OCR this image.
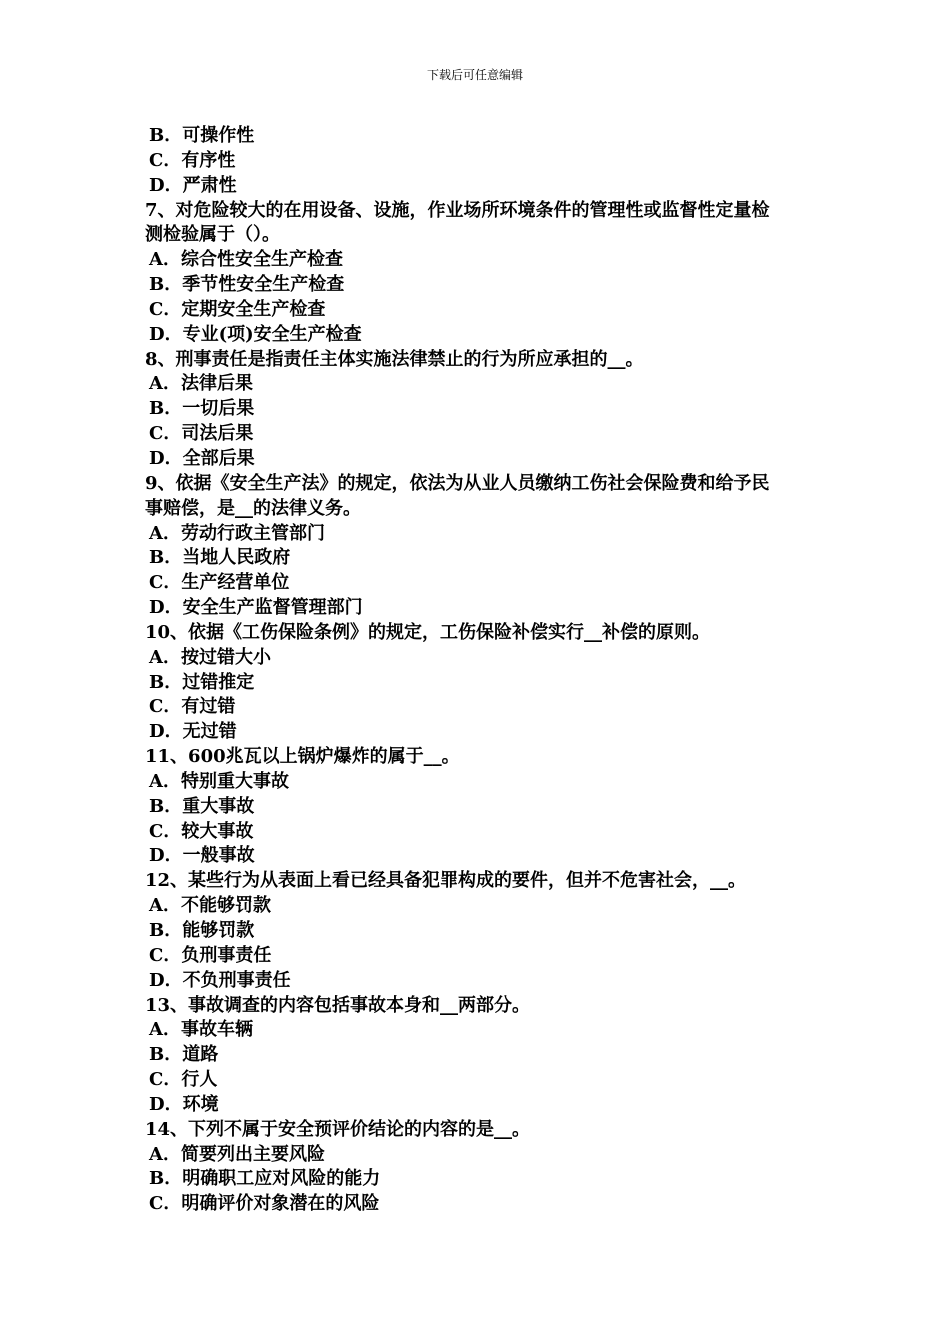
下载后可任意编辑
B．可操作性
C．有序性
D．严肃性
7、对危险较大的在用设备、设施，作业场所环境条件的管理性或监督性定量检
测检验属于（）。
A．综合性安全生产检查
B．季节性安全生产检查
C．定期安全生产检查
D．专业(项)安全生产检查
8、刑事责任是指责任主体实施法律禁止的行为所应承担的__。
A．法律后果
B．一切后果
C．司法后果
D．全部后果
9、依据《安全生产法》的规定，依法为从业人员缴纳工伤社会保险费和给予民
事赔偿，是__的法律义务。
A．劳动行政主管部门
B．当地人民政府
C．生产经营单位
D．安全生产监督管理部门
10、依据《工伤保险条例》的规定，工伤保险补偿实行__补偿的原则。
A．按过错大小
B．过错推定
C．有过错
D．无过错
11、600兆瓦以上锅炉爆炸的属于__。
A．特别重大事故
B．重大事故
C．较大事故
D．一般事故
12、某些行为从表面上看已经具备犯罪构成的要件，但并不危害社会，__。
A．不能够罚款
B．能够罚款
C．负刑事责任
D．不负刑事责任
13、事故调查的内容包括事故本身和__两部分。
A．事故车辆
B．道路
C．行人
D．环境
14、下列不属于安全预评价结论的内容的是__。
A．简要列出主要风险
B．明确职工应对风险的能力
C．明确评价对象潜在的风险
